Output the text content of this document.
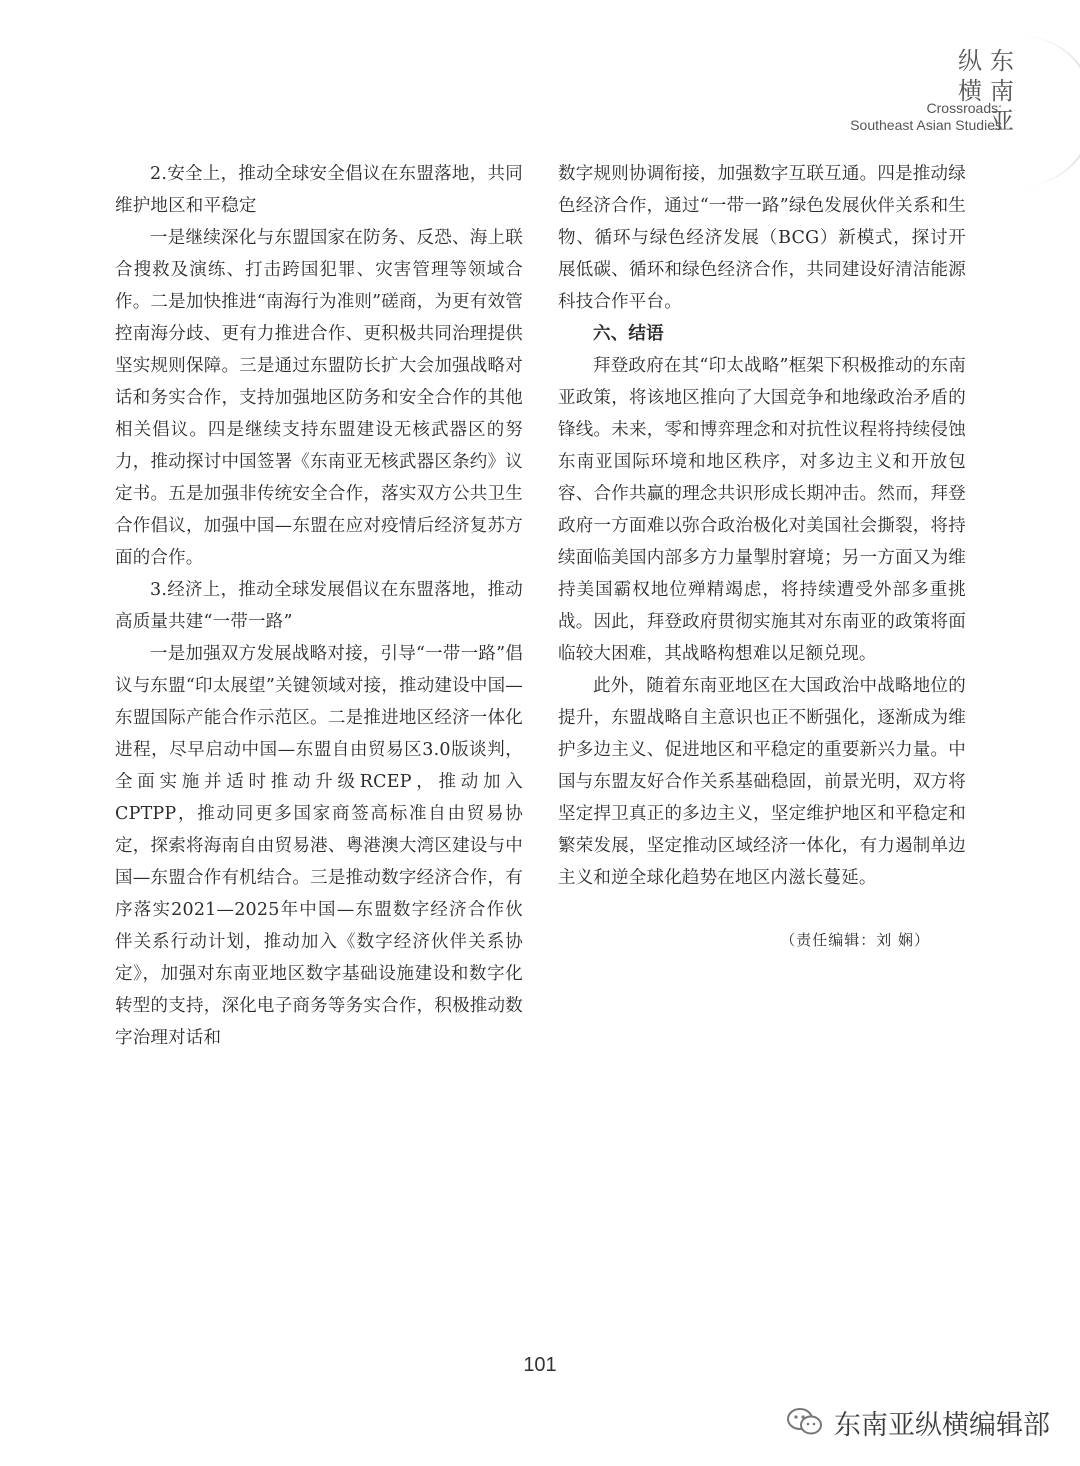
纵
横
东
南
亚
Crossroads:
Southeast Asian Studies

2.安全上，推动全球安全倡议在东盟落地，共同维护地区和平稳定

一是继续深化与东盟国家在防务、反恐、海上联合搜救及演练、打击跨国犯罪、灾害管理等领域合作。二是加快推进“南海行为准则”磋商，为更有效管控南海分歧、更有力推进合作、更积极共同治理提供坚实规则保障。三是通过东盟防长扩大会加强战略对话和务实合作，支持加强地区防务和安全合作的其他相关倡议。四是继续支持东盟建设无核武器区的努力，推动探讨中国签署《东南亚无核武器区条约》议定书。五是加强非传统安全合作，落实双方公共卫生合作倡议，加强中国—东盟在应对疫情后经济复苏方面的合作。

3.经济上，推动全球发展倡议在东盟落地，推动高质量共建“一带一路”

一是加强双方发展战略对接，引导“一带一路”倡议与东盟“印太展望”关键领域对接，推动建设中国—东盟国际产能合作示范区。二是推进地区经济一体化进程，尽早启动中国—东盟自由贸易区3.0版谈判，全面实施并适时推动升级RCEP，推动加入CPTPP，推动同更多国家商签高标准自由贸易协定，探索将海南自由贸易港、粤港澳大湾区建设与中国—东盟合作有机结合。三是推动数字经济合作，有序落实2021—2025年中国—东盟数字经济合作伙伴关系行动计划，推动加入《数字经济伙伴关系协定》，加强对东南亚地区数字基础设施建设和数字化转型的支持，深化电子商务等务实合作，积极推动数字治理对话和

数字规则协调衔接，加强数字互联互通。四是推动绿色经济合作，通过“一带一路”绿色发展伙伴关系和生物、循环与绿色经济发展（BCG）新模式，探讨开展低碳、循环和绿色经济合作，共同建设好清洁能源科技合作平台。

六、结语

拜登政府在其“印太战略”框架下积极推动的东南亚政策，将该地区推向了大国竞争和地缘政治矛盾的锋线。未来，零和博弈理念和对抗性议程将持续侵蚀东南亚国际环境和地区秩序，对多边主义和开放包容、合作共赢的理念共识形成长期冲击。然而，拜登政府一方面难以弥合政治极化对美国社会撕裂，将持续面临美国内部多方力量掣肘窘境；另一方面又为维持美国霸权地位殚精竭虑，将持续遭受外部多重挑战。因此，拜登政府贯彻实施其对东南亚的政策将面临较大困难，其战略构想难以足额兑现。

此外，随着东南亚地区在大国政治中战略地位的提升，东盟战略自主意识也正不断强化，逐渐成为维护多边主义、促进地区和平稳定的重要新兴力量。中国与东盟友好合作关系基础稳固，前景光明，双方将坚定捍卫真正的多边主义，坚定维护地区和平稳定和繁荣发展，坚定推动区域经济一体化，有力遏制单边主义和逆全球化趋势在地区内滋长蔓延。

（责任编辑：刘 娴）
101
东南亚纵横编辑部
